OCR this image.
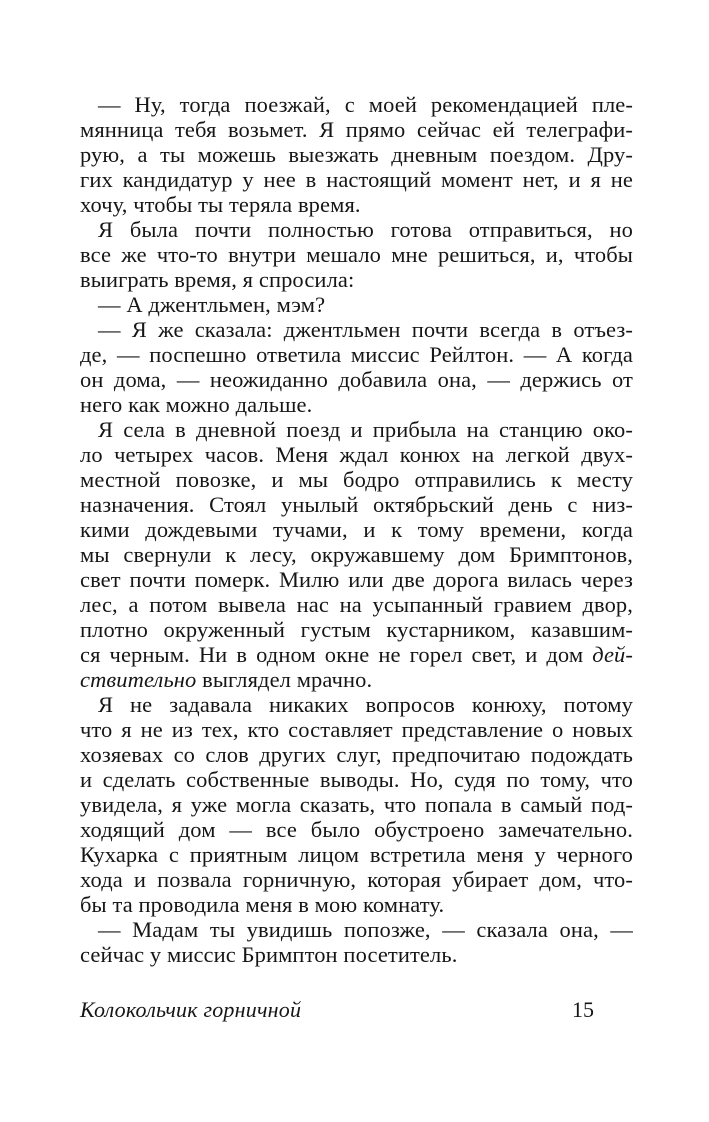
— Ну, тогда поезжай, с моей рекомендацией пле-
мянница тебя возьмет. Я прямо сейчас ей телеграфи-
рую, а ты можешь выезжать дневным поездом. Дру-
гих кандидатур у нее в настоящий момент нет, и я не
хочу, чтобы ты теряла время.
Я была почти полностью готова отправиться, но
все же что-то внутри мешало мне решиться, и, чтобы
выиграть время, я спросила:
— А джентльмен, мэм?
— Я же сказала: джентльмен почти всегда в отъез-
де, — поспешно ответила миссис Рейлтон. — А когда
он дома, — неожиданно добавила она, — держись от
него как можно дальше.
Я села в дневной поезд и прибыла на станцию око-
ло четырех часов. Меня ждал конюх на легкой двух-
местной повозке, и мы бодро отправились к месту
назначения. Стоял унылый октябрьский день с низ-
кими дождевыми тучами, и к тому времени, когда
мы свернули к лесу, окружавшему дом Бримптонов,
свет почти померк. Милю или две дорога вилась через
лес, а потом вывела нас на усыпанный гравием двор,
плотно окруженный густым кустарником, казавшим-
ся черным. Ни в одном окне не горел свет, и дом дей-
ствительно выглядел мрачно.
Я не задавала никаких вопросов конюху, потому
что я не из тех, кто составляет представление о новых
хозяевах со слов других слуг, предпочитаю подождать
и сделать собственные выводы. Но, судя по тому, что
увидела, я уже могла сказать, что попала в самый под-
ходящий дом — все было обустроено замечательно.
Кухарка с приятным лицом встретила меня у черного
хода и позвала горничную, которая убирает дом, что-
бы та проводила меня в мою комнату.
— Мадам ты увидишь попозже, — сказала она, —
сейчас у миссис Бримптон посетитель.
Колокольчик горничной	15
